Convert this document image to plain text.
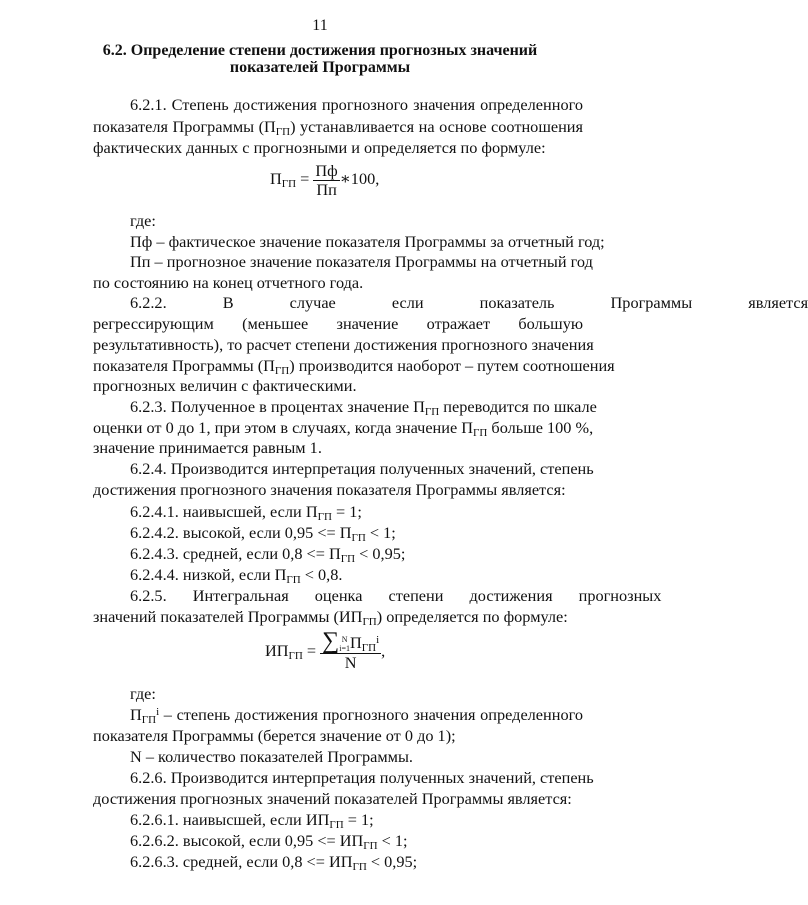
11
6.2. Определение степени достижения прогнозных значений
показателей Программы
6.2.1. Степень достижения прогнозного значения определенного
показателя Программы $(П_{ГП})$ устанавливается на основе соотношения
фактических данных с прогнозными и определяется по формуле:
$П_{ГП} = \frac{Пф}{Пп}$ ∗100,
где:
Пф – фактическое значение показателя Программы за отчетный год;
Пп – прогнозное значение показателя Программы на отчетный год
по состоянию на конец отчетного года.
6.2.2. В случае если показатель Программы является
регрессирующим (меньшее значение отражает большую
результативность), то расчет степени достижения прогнозного значения
показателя Программы $(П_{ГП})$ производится наоборот – путем соотношения
прогнозных величин с фактическими.
6.2.3. Полученное в процентах значение $П_{ГП}$ переводится по шкале
оценки от 0 до 1, при этом в случаях, когда значение $П_{ГП}$ больше 100 %,
значение принимается равным 1.
6.2.4. Производится интерпретация полученных значений, степень
достижения прогнозного значения показателя Программы является:
6.2.4.1. наивысшей, если $П_{ГП} = 1$;
6.2.4.2. высокой, если $0,95 <= П_{ГП} < 1$;
6.2.4.3. средней, если $0,8 <= П_{ГП} < 0,95$;
6.2.4.4. низкой, если $П_{ГП} < 0,8$.
6.2.5. Интегральная оценка степени достижения прогнозных
значений показателей Программы $(ИП_{ГП})$ определяется по формуле:
$ИП_{ГП}$ = ∑ N
i=1 $П_{ГП}^i$
N ,
где:
$П_{ГП}^i$ – степень достижения прогнозного значения определенного
показателя Программы (берется значение от 0 до 1);
N – количество показателей Программы.
6.2.6. Производится интерпретация полученных значений, степень
достижения прогнозных значений показателей Программы является:
6.2.6.1. наивысшей, если $ИП_{ГП} = 1$;
6.2.6.2. высокой, если $0,95 <= ИП_{ГП} < 1$;
6.2.6.3. средней, если $0,8 <= ИП_{ГП} < 0,95$;
